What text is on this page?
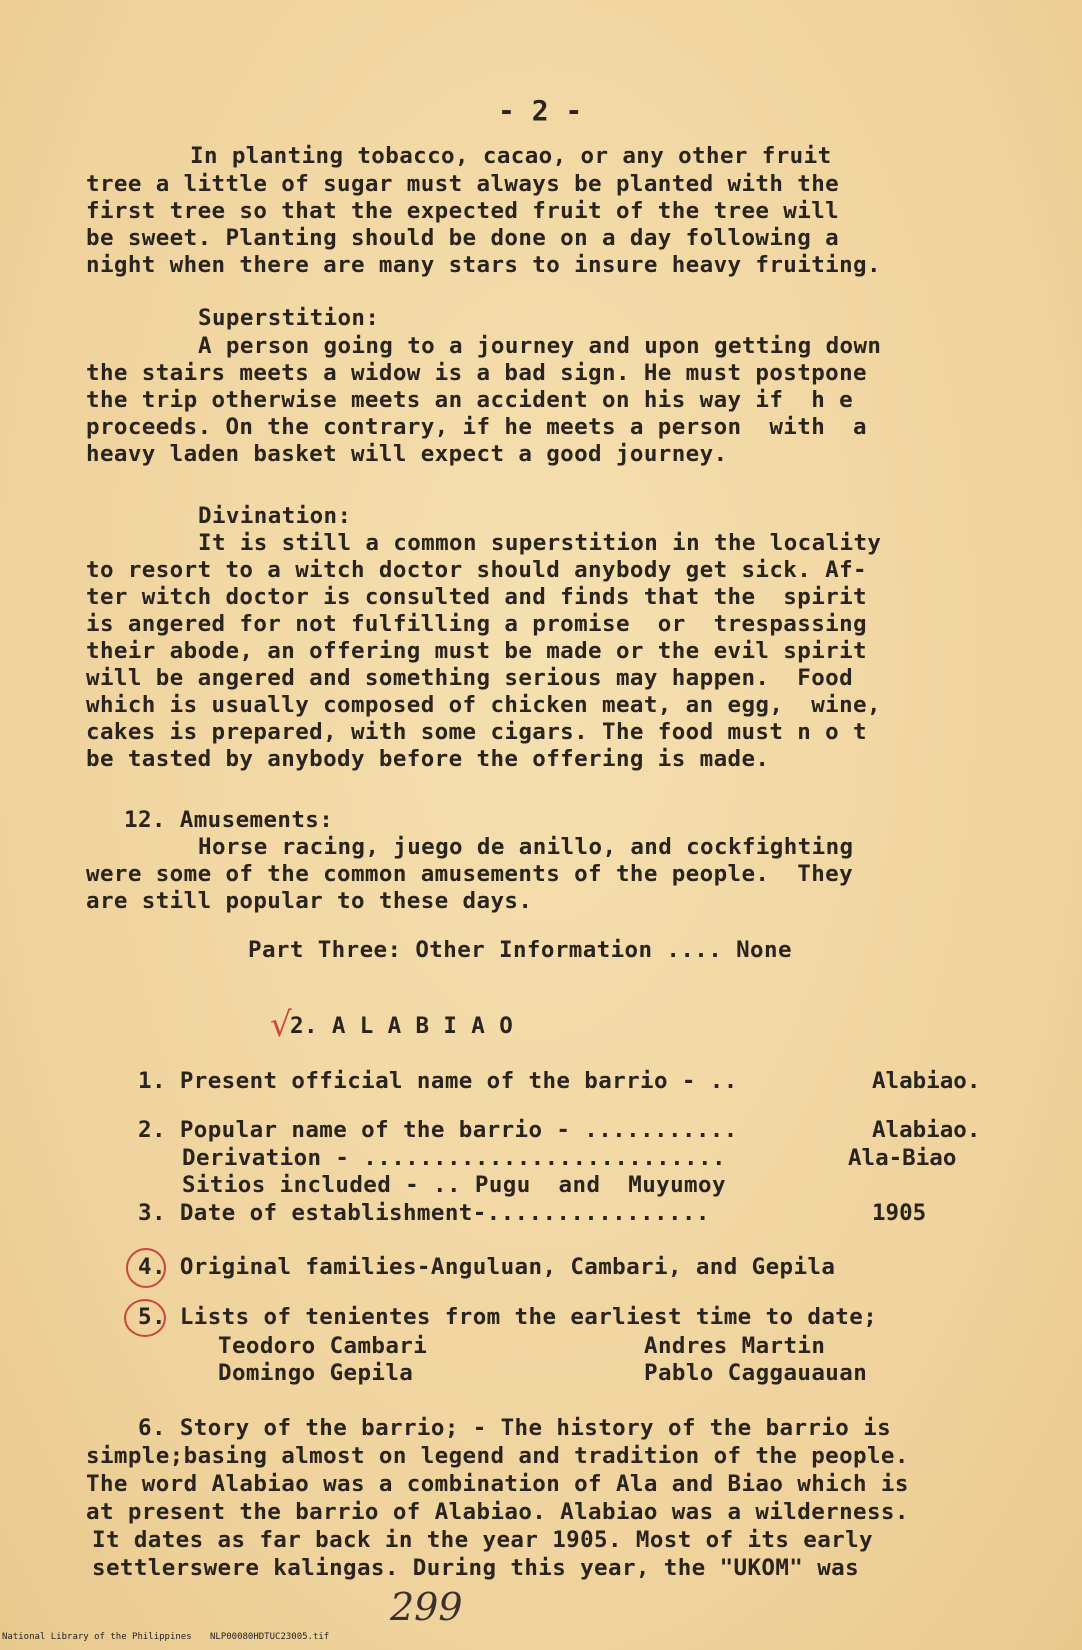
- 2 -
In planting tobacco, cacao, or any other fruit
tree a little of sugar must always be planted with the
first tree so that the expected fruit of the tree will
be sweet. Planting should be done on a day following a
night when there are many stars to insure heavy fruiting.
Superstition:
A person going to a journey and upon getting down
the stairs meets a widow is a bad sign. He must postpone
the trip otherwise meets an accident on his way if  h e
proceeds. On the contrary, if he meets a person  with  a
heavy laden basket will expect a good journey.
Divination:
It is still a common superstition in the locality
to resort to a witch doctor should anybody get sick. Af-
ter witch doctor is consulted and finds that the  spirit
is angered for not fulfilling a promise  or  trespassing
their abode, an offering must be made or the evil spirit
will be angered and something serious may happen.  Food
which is usually composed of chicken meat, an egg,  wine,
cakes is prepared, with some cigars. The food must n o t
be tasted by anybody before the offering is made.
12. Amusements:
Horse racing, juego de anillo, and cockfighting
were some of the common amusements of the people.  They
are still popular to these days.
Part Three: Other Information .... None
√
2. A L A B I A O
1. Present official name of the barrio - ..	Alabiao.
2. Popular name of the barrio - ...........	Alabiao.
Derivation - ..........................	Ala-Biao
Sitios included - .. Pugu  and  Muyumoy
3. Date of establishment-................	1905
4. Original families-Anguluan, Cambari, and Gepila
5. Lists of tenientes from the earliest time to date;
Teodoro Cambari	Andres Martin
Domingo Gepila	Pablo Caggauauan
6. Story of the barrio; - The history of the barrio is
simple;basing almost on legend and tradition of the people.
The word Alabiao was a combination of Ala and Biao which is
at present the barrio of Alabiao. Alabiao was a wilderness.
It dates as far back in the year 1905. Most of its early
settlerswere kalingas. During this year, the "UKOM" was
299
National Library of the Philippines NLP00080HDTUC23005.tif
